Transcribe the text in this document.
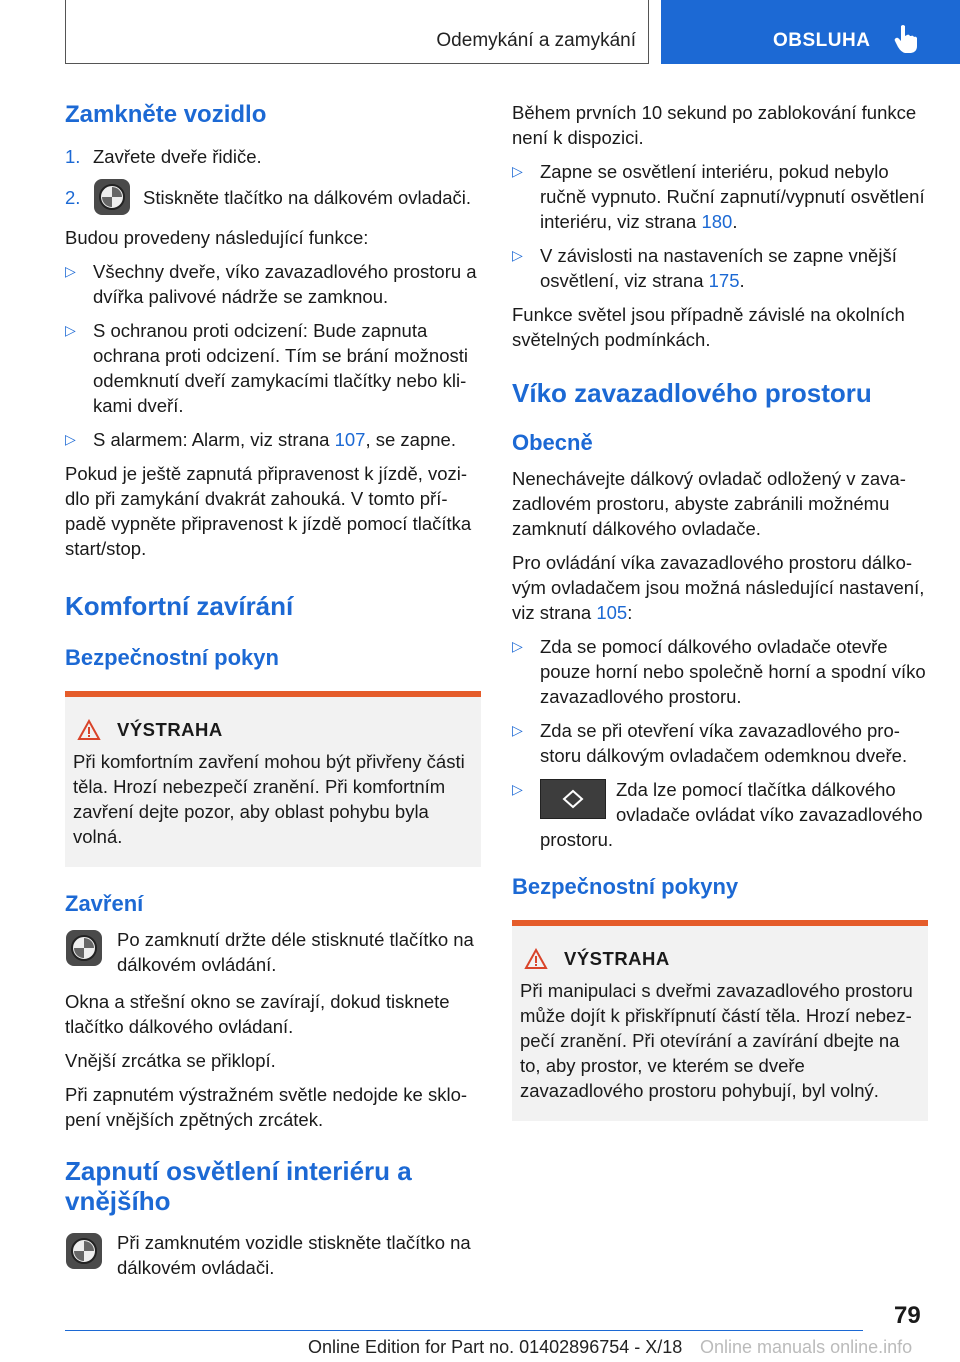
Odemykání a zamykání	OBSLUHA
Zamkněte vozidlo
1. Zavřete dveře řidiče.
2.	Stiskněte tlačítko na dálkovém ovladači.

Budou provedeny následující funkce:

▷ Všechny dveře, víko zavazadlového prostoru a dvířka palivové nádrže se zamknou.
▷ S ochranou proti odcizení: Bude zapnuta ochrana proti odcizení. Tím se brání možnosti odemknutí dveří zamykacími tlačítky nebo klikami dveří.
▷ S alarmem: Alarm, viz strana 107, se zapne.

Pokud je ještě zapnutá připravenost k jízdě, vozidlo při zamykání dvakrát zahouká. V tomto případě vypněte připravenost k jízdě pomocí tlačítka start/stop.

Komfortní zavírání
Bezpečnostní pokyn
VÝSTRAHA
Při komfortním zavření mohou být přivřeny části těla. Hrozí nebezpečí zranění. Při komfortním zavření dejte pozor, aby oblast pohybu byla volná.
Zavření
Po zamknutí držte déle stisknuté tlačítko na dálkovém ovládání.

Okna a střešní okno se zavírají, dokud tisknete tlačítko dálkového ovládaní.

Vnější zrcátka se přiklopí.

Při zapnutém výstražném světle nedojde ke sklopení vnějších zpětných zrcátek.

Zapnutí osvětlení interiéru a vnějšího
Při zamknutém vozidle stiskněte tlačítko na dálkovém ovládači.

Během prvních 10 sekund po zablokování funkce není k dispozici.

▷ Zapne se osvětlení interiéru, pokud nebylo ručně vypnuto. Ruční zapnutí/vypnutí osvětlení interiéru, viz strana 180.
▷ V závislosti na nastaveních se zapne vnější osvětlení, viz strana 175.

Funkce světel jsou případně závislé na okolních světelných podmínkách.

Víko zavazadlového prostoru
Obecně

Nenechávejte dálkový ovladač odložený v zavazadlovém prostoru, abyste zabránili možnému zamknutí dálkového ovladače.

Pro ovládání víka zavazadlového prostoru dálkovým ovladačem jsou možná následující nastavení, viz strana 105:

▷ Zda se pomocí dálkového ovladače otevře pouze horní nebo společně horní a spodní víko zavazadlového prostoru.
▷ Zda se při otevření víka zavazadlového prostoru dálkovým ovladačem odemknou dveře.
▷	Zda lze pomocí tlačítka dálkového ovladače ovládat víko zavazadlového prostoru.
Bezpečnostní pokyny
VÝSTRAHA
Při manipulaci s dveřmi zavazadlového prostoru může dojít k přiskřípnutí částí těla. Hrozí nebezpečí zranění. Při otevírání a zavírání dbejte na to, aby prostor, ve kterém se dveře zavazadlového prostoru pohybují, byl volný.
79
Online Edition for Part no. 01402896754 - X/18 Online manuals online.info
